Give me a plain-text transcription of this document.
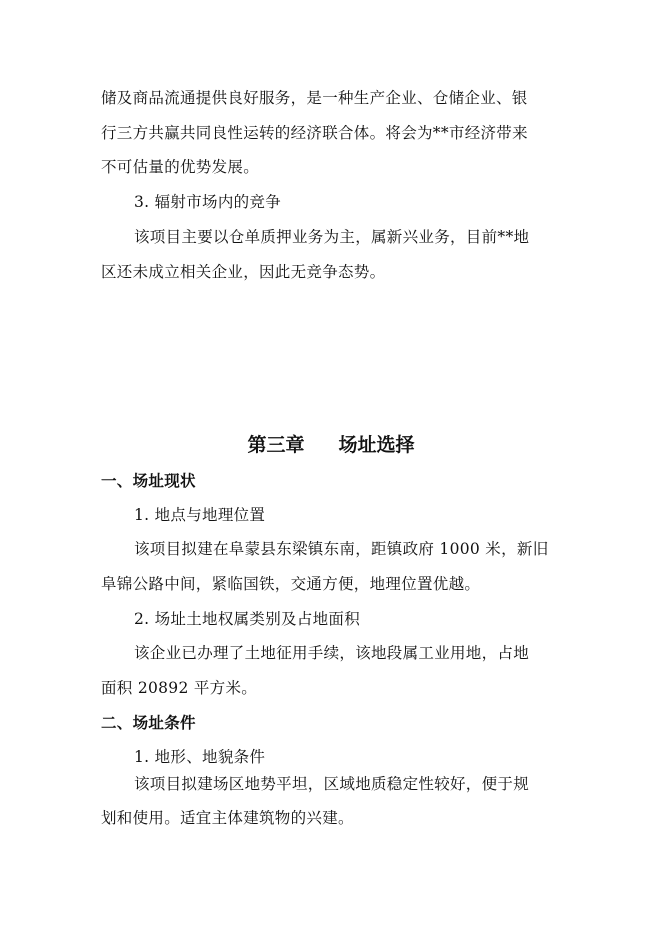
储及商品流通提供良好服务，是一种生产企业、仓储企业、银
行三方共赢共同良性运转的经济联合体。将会为**市经济带来
不可估量的优势发展。
3. 辐射市场内的竞争
该项目主要以仓单质押业务为主，属新兴业务，目前**地
区还未成立相关企业，因此无竞争态势。
第三章 场址选择
一、场址现状
1. 地点与地理位置
该项目拟建在阜蒙县东梁镇东南，距镇政府 1000 米，新旧
阜锦公路中间，紧临国铁，交通方便，地理位置优越。
2. 场址土地权属类别及占地面积
该企业已办理了土地征用手续，该地段属工业用地，占地
面积 20892 平方米。
二、场址条件
1. 地形、地貌条件
该项目拟建场区地势平坦，区域地质稳定性较好，便于规
划和使用。适宜主体建筑物的兴建。
